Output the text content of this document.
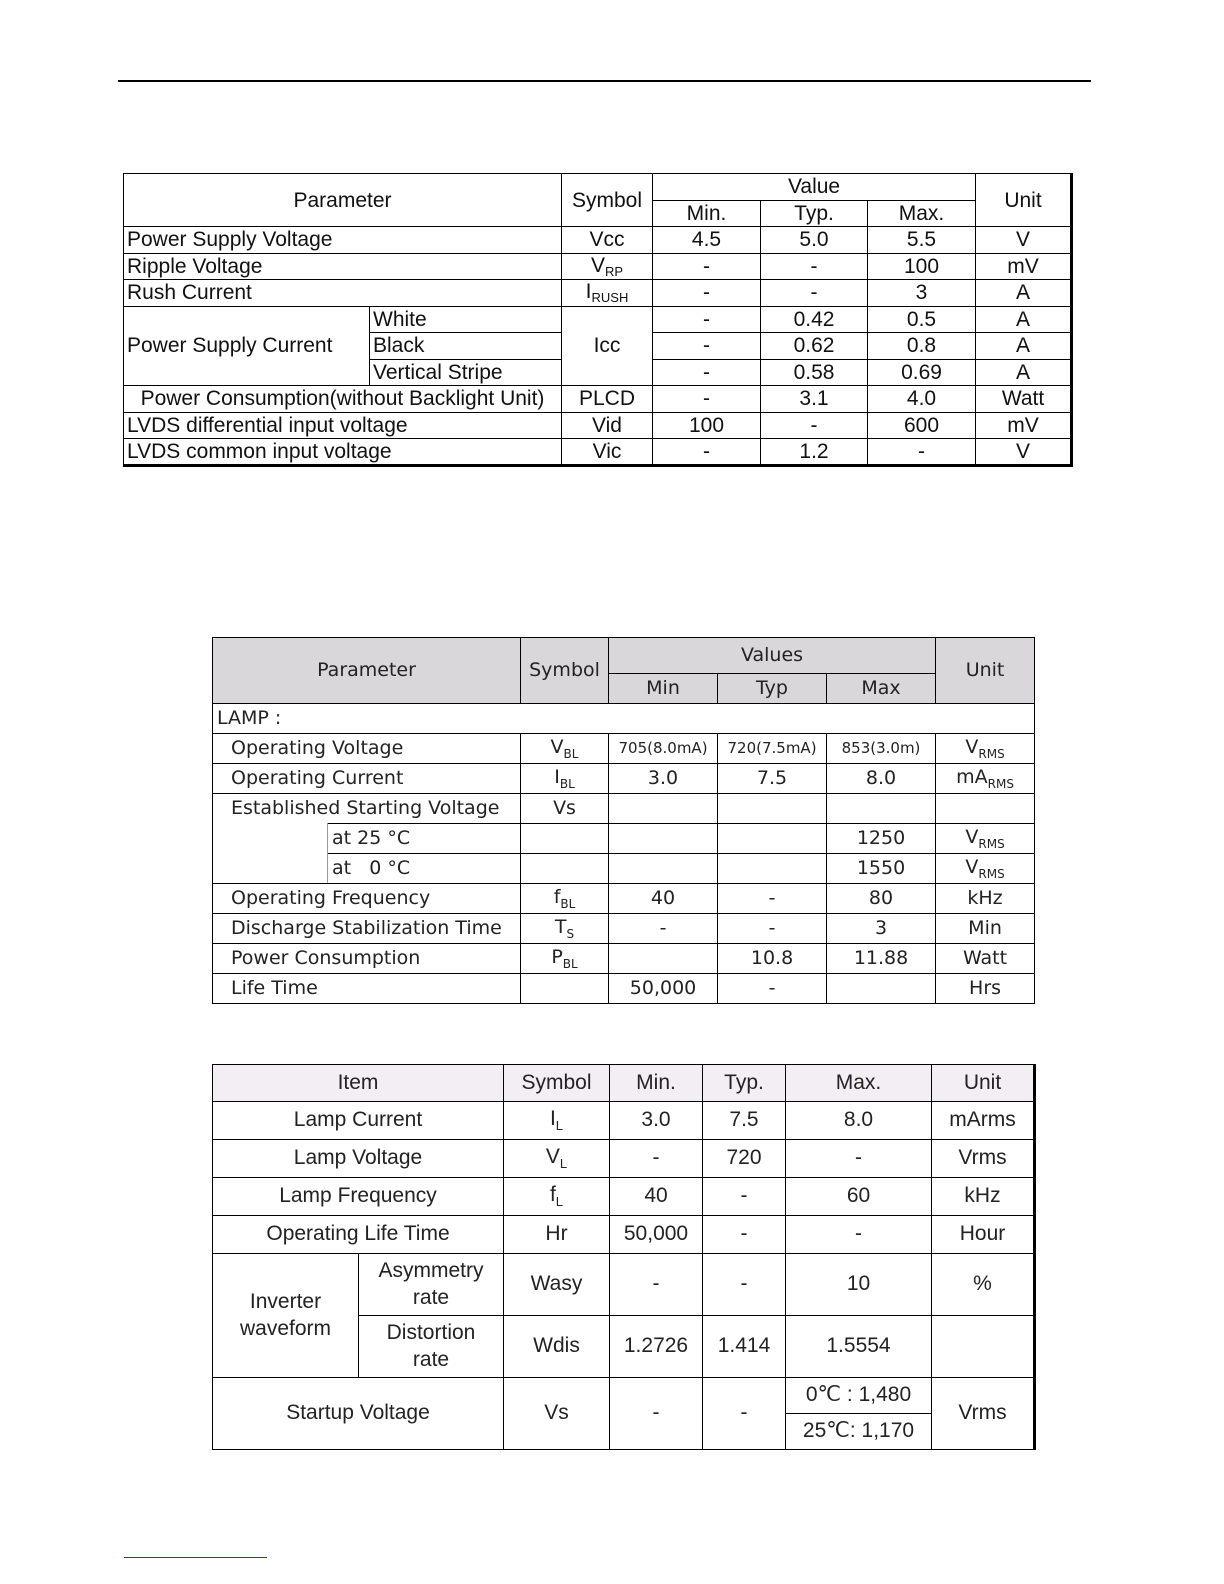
Parameter		Symbol	Value			Unit
			Min.	Typ.	Max.	
Power Supply Voltage		Vcc	4.5	5.0	5.5	V
Ripple Voltage		$V_{RP}$	-	-	100	mV
Rush Current		$I_{RUSH}$	-	-	3	A
Power Supply Current	White	Icc	-	0.42	0.5	A
	Black		-	0.62	0.8	A
	Vertical Stripe		-	0.58	0.69	A
Power Consumption(without Backlight Unit)		PLCD	-	3.1	4.0	Watt
LVDS differential input voltage		Vid	100	-	600	mV
LVDS common input voltage		Vic	-	1.2	-	V
Parameter		Symbol	Values			Unit
			Min	Typ	Max	
LAMP :						
Operating Voltage		$V_{BL}$	705(8.0mA)	720(7.5mA)	853(3.0m)	$V_{RMS}$
Operating Current		$I_{BL}$	3.0	7.5	8.0	$mA_{RMS}$
Established Starting Voltage		Vs				
	at 25 °C				1250	$V_{RMS}$
	at   0 °C				1550	$V_{RMS}$
Operating Frequency		$f_{BL}$	40	-	80	kHz
Discharge Stabilization Time		$T_S$	-	-	3	Min
Power Consumption		$P_{BL}$		10.8	11.88	Watt
Life Time			50,000	-		Hrs
Item		Symbol	Min.	Typ.	Max.	Unit
Lamp Current		$I_L$	3.0	7.5	8.0	mArms
Lamp Voltage		$V_L$	-	720	-	Vrms
Lamp Frequency		$f_L$	40	-	60	kHz
Operating Life Time		Hr	50,000	-	-	Hour
Inverter waveform	Asymmetry rate	Wasy	-	-	10	%
	Distortion rate	Wdis	1.2726	1.414	1.5554	
Startup Voltage		Vs	-	-	0℃ : 1,480	Vrms
					25℃: 1,170	
